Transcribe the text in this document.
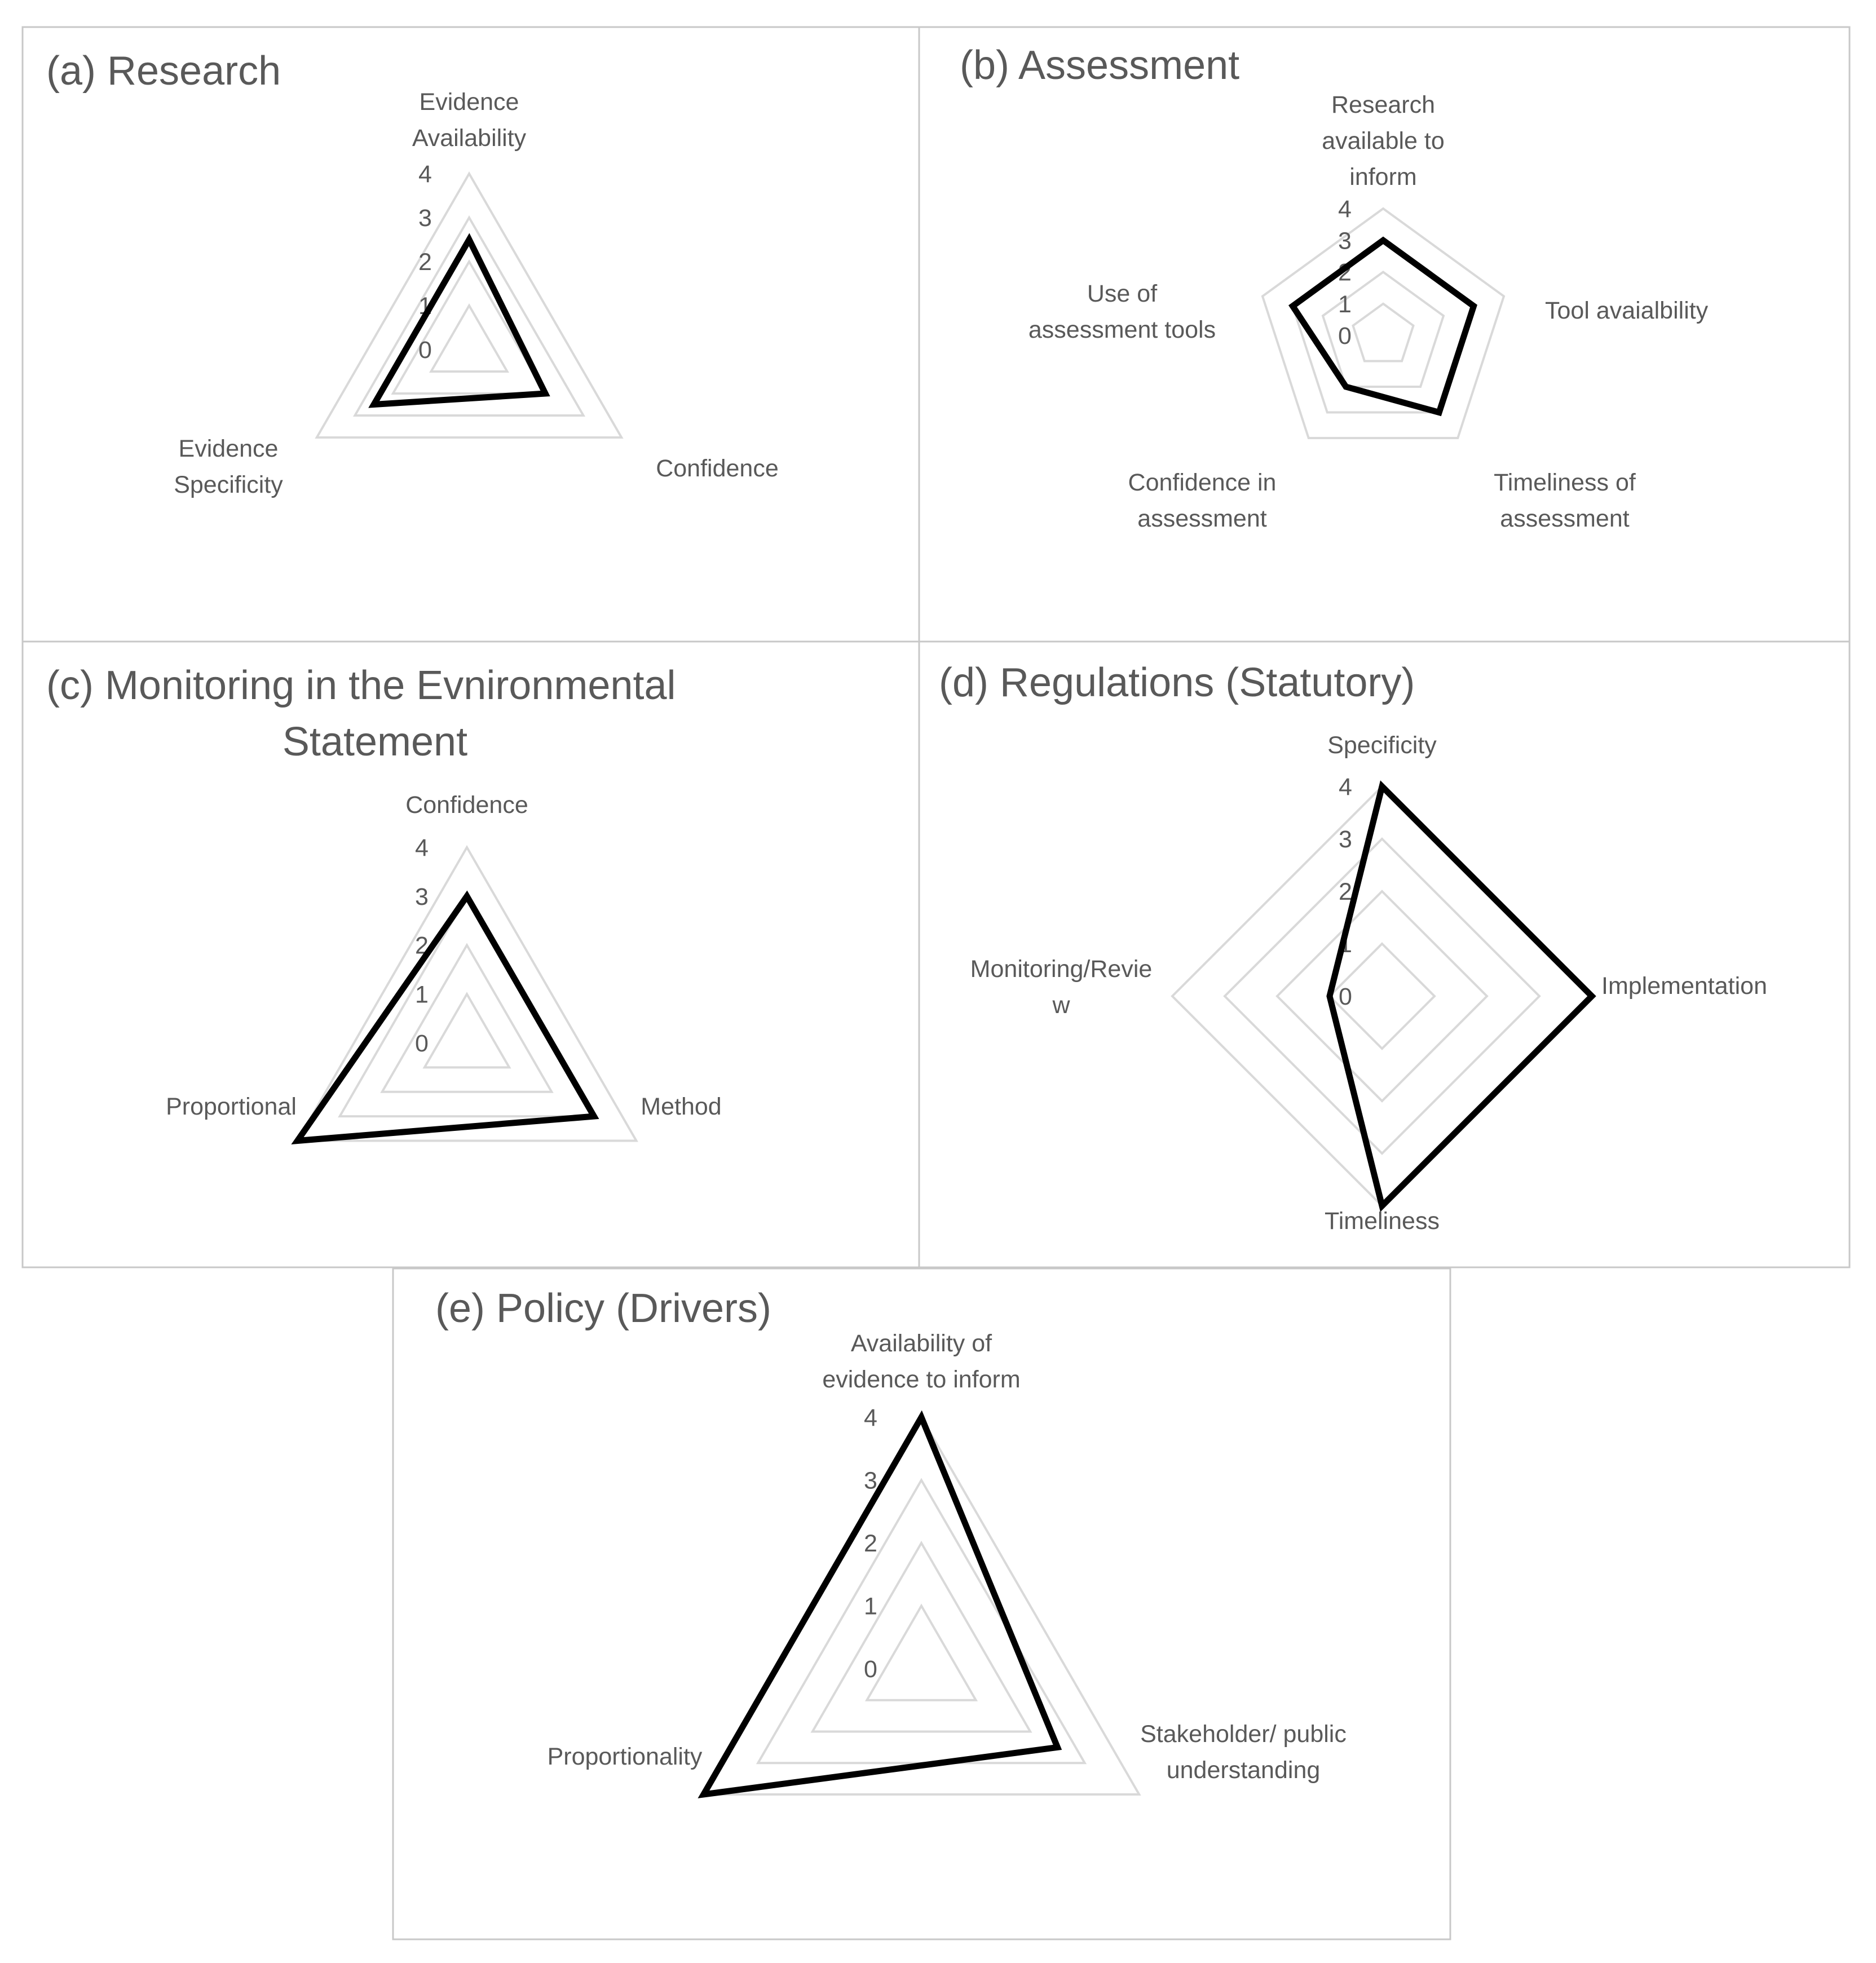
(a) Research
0
1
2
3
4
Evidence Availability
Confidence
Evidence Specificity
(b) Assessment
0
1
2
3
4
Research available to inform
Tool avaialbility
Timeliness of assessment
Confidence in assessment
Use of assessment tools
(c) Monitoring in the Evnironmental
Statement
0
1
2
3
4
Confidence
Method
Proportional
(d) Regulations (Statutory)
0
1
2
3
4
Specificity
Implementation
Timeliness
Monitoring/Revie w
(e) Policy (Drivers)
0
1
2
3
4
Availability of evidence to inform
Stakeholder/ public understanding
Proportionality
